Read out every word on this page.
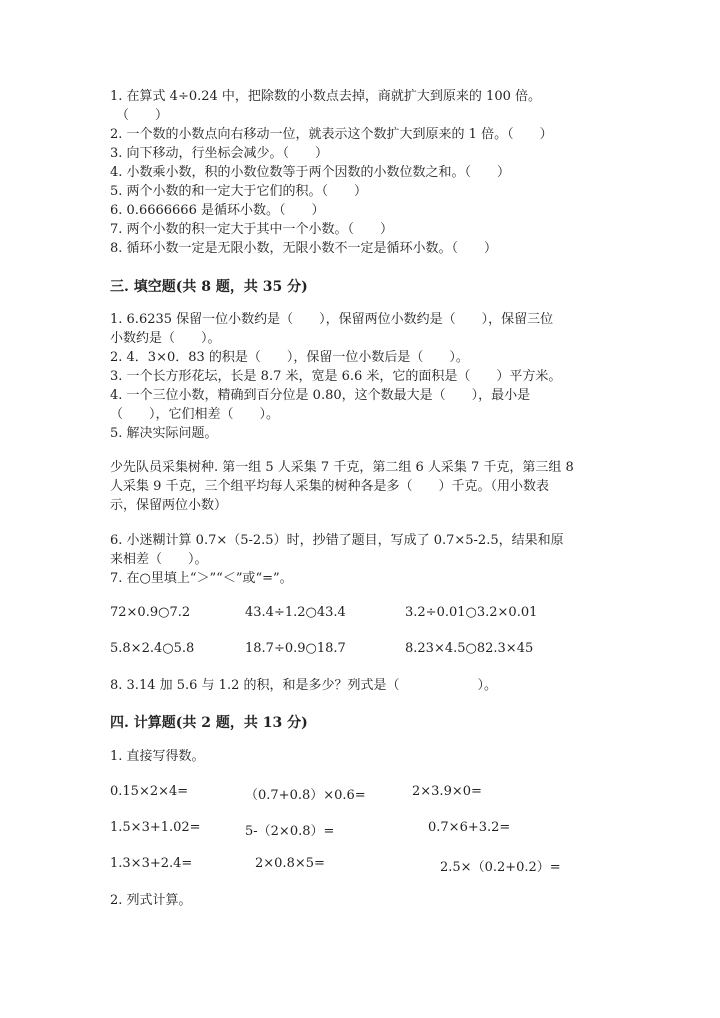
1. 在算式 4÷0.24 中，把除数的小数点去掉，商就扩大到原来的 100 倍。
（　　）
2. 一个数的小数点向右移动一位，就表示这个数扩大到原来的 1 倍。（　　）
3. 向下移动，行坐标会减少。（　　）
4. 小数乘小数，积的小数位数等于两个因数的小数位数之和。（　　）
5. 两个小数的和一定大于它们的积。（　　）
6. 0.6666666 是循环小数。（　　）
7. 两个小数的积一定大于其中一个小数。（　　）
8. 循环小数一定是无限小数，无限小数不一定是循环小数。（　　）
三. 填空题(共 8 题，共 35 分)
1. 6.6235 保留一位小数约是（　　），保留两位小数约是（　　），保留三位
小数约是（　　）。
2. 4．3×0．83 的积是（　　），保留一位小数后是（　　）。
3. 一个长方形花坛，长是 8.7 米，宽是 6.6 米，它的面积是（　　）平方米。
4. 一个三位小数，精确到百分位是 0.80，这个数最大是（　　），最小是
（　　），它们相差（　　）。
5. 解决实际问题。
少先队员采集树种. 第一组 5 人采集 7 千克，第二组 6 人采集 7 千克，第三组 8
人采集 9 千克，三个组平均每人采集的树种各是多（　　）千克。（用小数表
示，保留两位小数）
6. 小迷糊计算 0.7×（5-2.5）时，抄错了题目，写成了 0.7×5-2.5，结果和原
来相差（　　）。
7. 在○里填上“＞”“＜”或“=”。
72×0.9○7.2	43.4÷1.2○43.4	3.2÷0.01○3.2×0.01
5.8×2.4○5.8	18.7÷0.9○18.7	8.23×4.5○82.3×45
8. 3.14 加 5.6 与 1.2 的积，和是多少？列式是（　　　　　　）。
四. 计算题(共 2 题，共 13 分)
1. 直接写得数。
0.15×2×4=	（0.7+0.8）×0.6=	2×3.9×0=
1.5×3+1.02=	5-（2×0.8）=	0.7×6+3.2=
1.3×3+2.4=	2×0.8×5=	2.5×（0.2+0.2）=
2. 列式计算。
